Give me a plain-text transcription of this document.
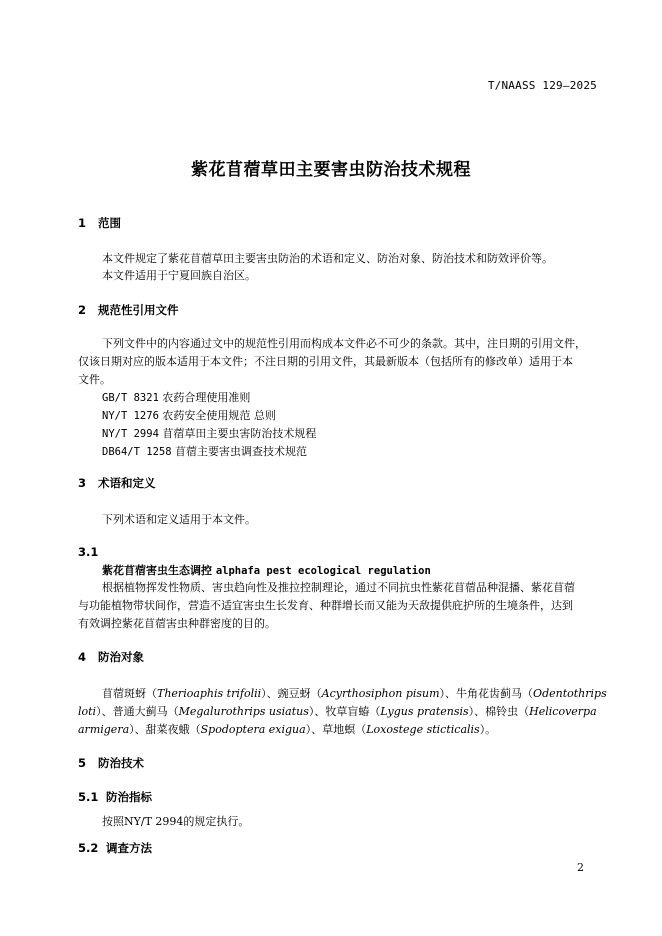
T/NAASS 129—2025
紫花苜蓿草田主要害虫防治技术规程
1 范围
本文件规定了紫花苜蓿草田主要害虫防治的术语和定义、防治对象、防治技术和防效评价等。
本文件适用于宁夏回族自治区。
2 规范性引用文件
下列文件中的内容通过文中的规范性引用而构成本文件必不可少的条款。其中，注日期的引用文件，
仅该日期对应的版本适用于本文件；不注日期的引用文件，其最新版本（包括所有的修改单）适用于本
文件。
GB/T 8321 农药合理使用准则
NY/T 1276 农药安全使用规范 总则
NY/T 2994 苜蓿草田主要虫害防治技术规程
DB64/T 1258 苜蓿主要害虫调查技术规范
3 术语和定义
下列术语和定义适用于本文件。
3.1
紫花苜蓿害虫生态调控 alphafa pest ecological regulation
根据植物挥发性物质、害虫趋向性及推拉控制理论，通过不同抗虫性紫花苜蓿品种混播、紫花苜蓿
与功能植物带状间作，营造不适宜害虫生长发育、种群增长而又能为天敌提供庇护所的生境条件，达到
有效调控紫花苜蓿害虫种群密度的目的。
4 防治对象
苜蓿斑蚜（Therioaphis trifolii）、豌豆蚜（Acyrthosiphon pisum）、牛角花齿蓟马（Odentothrips
loti）、普通大蓟马（Megalurothrips usiatus）、牧草盲蝽（Lygus pratensis）、棉铃虫（Helicoverpa
armigera）、甜菜夜蛾（Spodoptera exigua）、草地螟（Loxostege sticticalis）。
5 防治技术
5.1 防治指标
按照NY/T 2994的规定执行。
5.2 调查方法
2
